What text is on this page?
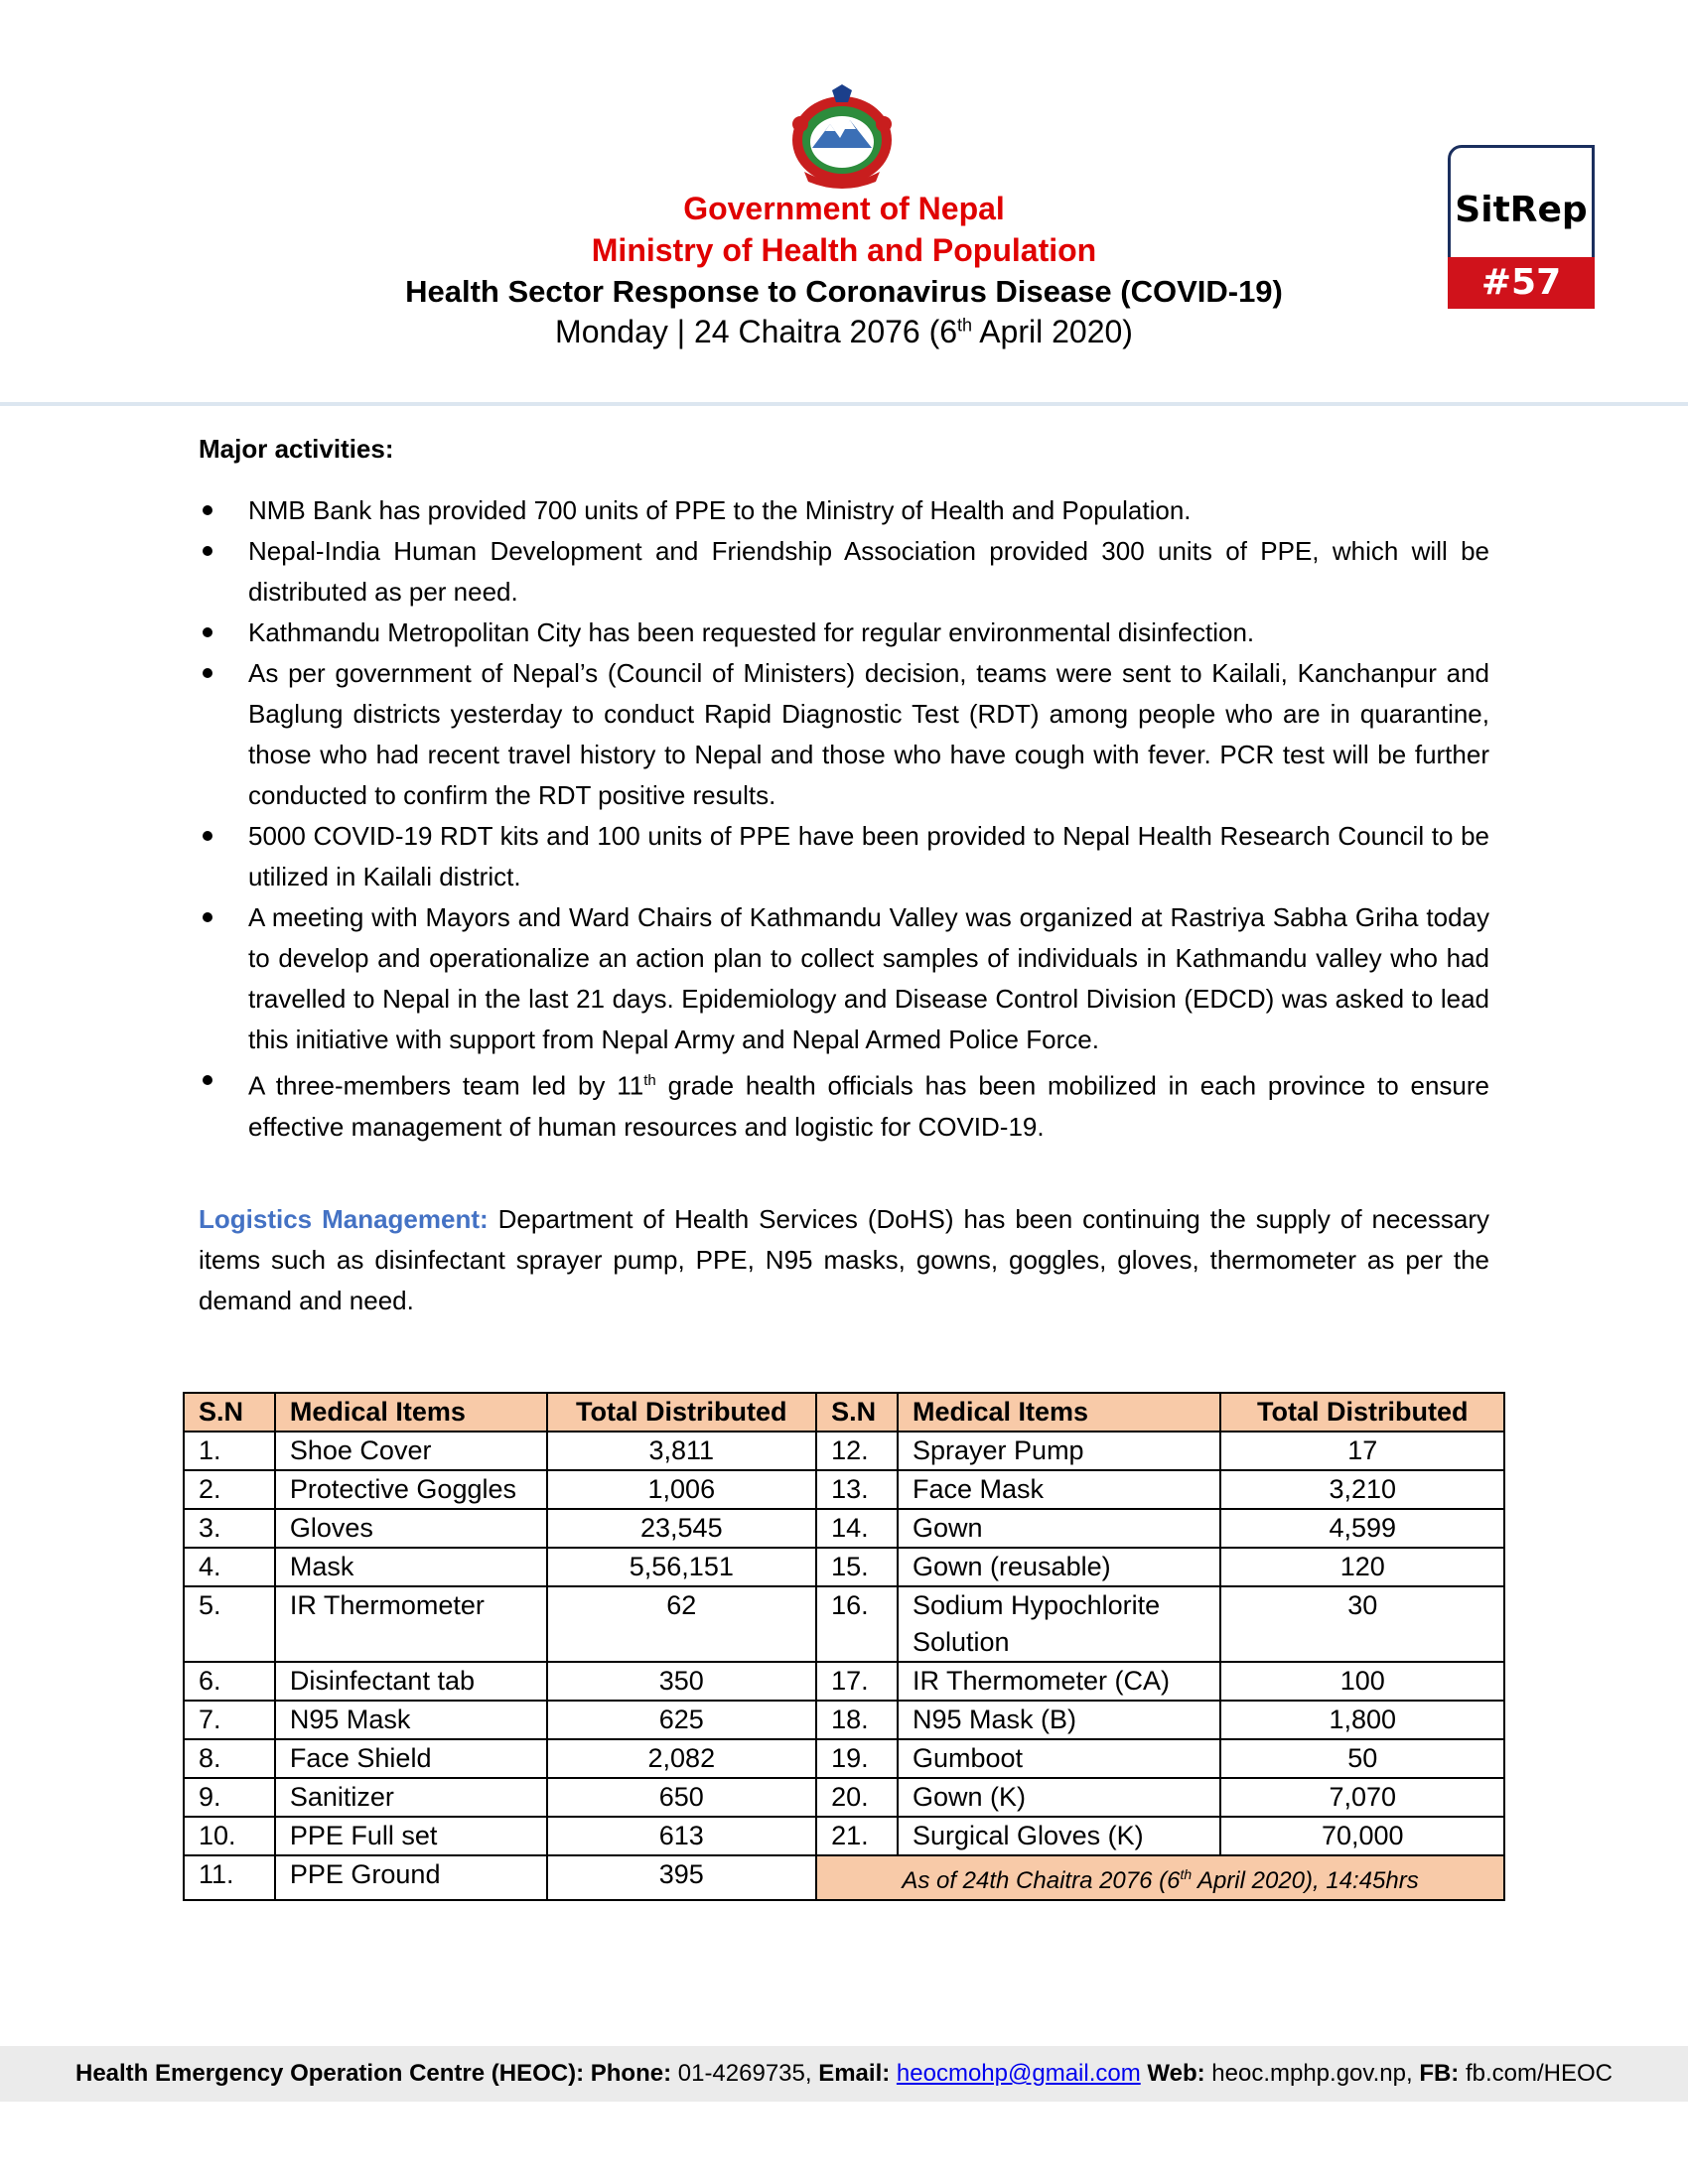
Government of Nepal
Ministry of Health and Population
Health Sector Response to Coronavirus Disease (COVID-19)
Monday | 24 Chaitra 2076 (6th April 2020)
SitRep
#57
Major activities:
NMB Bank has provided 700 units of PPE to the Ministry of Health and Population.
Nepal-India Human Development and Friendship Association provided 300 units of PPE, which will be distributed as per need.
Kathmandu Metropolitan City has been requested for regular environmental disinfection.
As per government of Nepal’s (Council of Ministers) decision, teams were sent to Kailali, Kanchanpur and Baglung districts yesterday to conduct Rapid Diagnostic Test (RDT) among people who are in quarantine, those who had recent travel history to Nepal and those who have cough with fever. PCR test will be further conducted to confirm the RDT positive results.
5000 COVID-19 RDT kits and 100 units of PPE have been provided to Nepal Health Research Council to be utilized in Kailali district.
A meeting with Mayors and Ward Chairs of Kathmandu Valley was organized at Rastriya Sabha Griha today to develop and operationalize an action plan to collect samples of individuals in Kathmandu valley who had travelled to Nepal in the last 21 days. Epidemiology and Disease Control Division (EDCD) was asked to lead this initiative with support from Nepal Army and Nepal Armed Police Force.
A three-members team led by 11th grade health officials has been mobilized in each province to ensure effective management of human resources and logistic for COVID-19.
Logistics Management: Department of Health Services (DoHS) has been continuing the supply of necessary items such as disinfectant sprayer pump, PPE, N95 masks, gowns, goggles, gloves, thermometer as per the demand and need.
S.N	Medical Items	Total Distributed	S.N	Medical Items	Total Distributed
1.	Shoe Cover	3,811	12.	Sprayer Pump	17
2.	Protective Goggles	1,006	13.	Face Mask	3,210
3.	Gloves	23,545	14.	Gown	4,599
4.	Mask	5,56,151	15.	Gown (reusable)	120
5.	IR Thermometer	62	16.	Sodium Hypochlorite Solution	30
6.	Disinfectant tab	350	17.	IR Thermometer (CA)	100
7.	N95 Mask	625	18.	N95 Mask (B)	1,800
8.	Face Shield	2,082	19.	Gumboot	50
9.	Sanitizer	650	20.	Gown (K)	7,070
10.	PPE Full set	613	21.	Surgical Gloves (K)	70,000
11.	PPE Ground	395	As of 24th Chaitra 2076 (6th April 2020), 14:45hrs		
Health Emergency Operation Centre (HEOC): Phone: 01-4269735, Email: heocmohp@gmail.com Web: heoc.mphp.gov.np, FB: fb.com/HEOC
